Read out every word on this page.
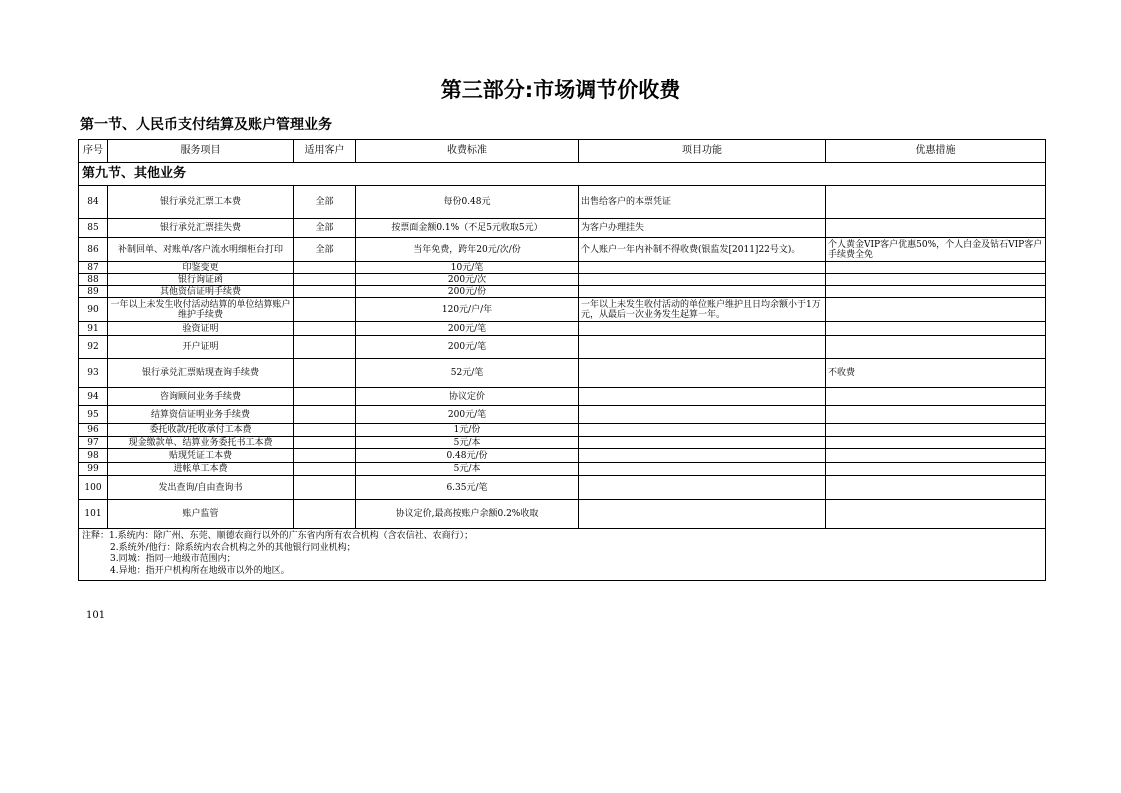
第三部分:市场调节价收费
第一节、人民币支付结算及账户管理业务
序号	服务项目	适用客户	收费标准	项目功能	优惠措施
第九节、其他业务					
84	银行承兑汇票工本费	全部	每份0.48元	出售给客户的本票凭证	
85	银行承兑汇票挂失费	全部	按票面金额0.1%（不足5元收取5元）	为客户办理挂失	
86	补制回单、对账单/客户流水明细柜台打印	全部	当年免费，跨年20元/次/份	个人账户一年内补制不得收费(银监发[2011]22号文)。	个人黄金VIP客户优惠50%，个人白金及钻石VIP客户手续费全免
87	印鉴变更		10元/笔		
88	银行询证函		200元/次		
89	其他资信证明手续费		200元/份		
90	一年以上未发生收付活动结算的单位结算账户维护手续费		120元/户/年	一年以上未发生收付活动的单位账户维护且日均余额小于1万元，从最后一次业务发生起算一年。	
91	验资证明		200元/笔		
92	开户证明		200元/笔		
93	银行承兑汇票贴现查询手续费		52元/笔		不收费
94	咨询顾问业务手续费		协议定价		
95	结算资信证明业务手续费		200元/笔		
96	委托收款/托收承付工本费		1元/份		
97	现金缴款单、结算业务委托书工本费		5元/本		
98	贴现凭证工本费		0.48元/份		
99	进帐单工本费		5元/本		
100	发出查询/自由查询书		6.35元/笔		
101	账户监管		协议定价,最高按账户余额0.2%收取		

注释：1.系统内：除广州、东莞、顺德农商行以外的广东省内所有农合机构（含农信社、农商行）；
2.系统外/他行：除系统内农合机构之外的其他银行同业机构；
3.同城：指同一地级市范围内；
4.异地：指开户机构所在地级市以外的地区。					
101
